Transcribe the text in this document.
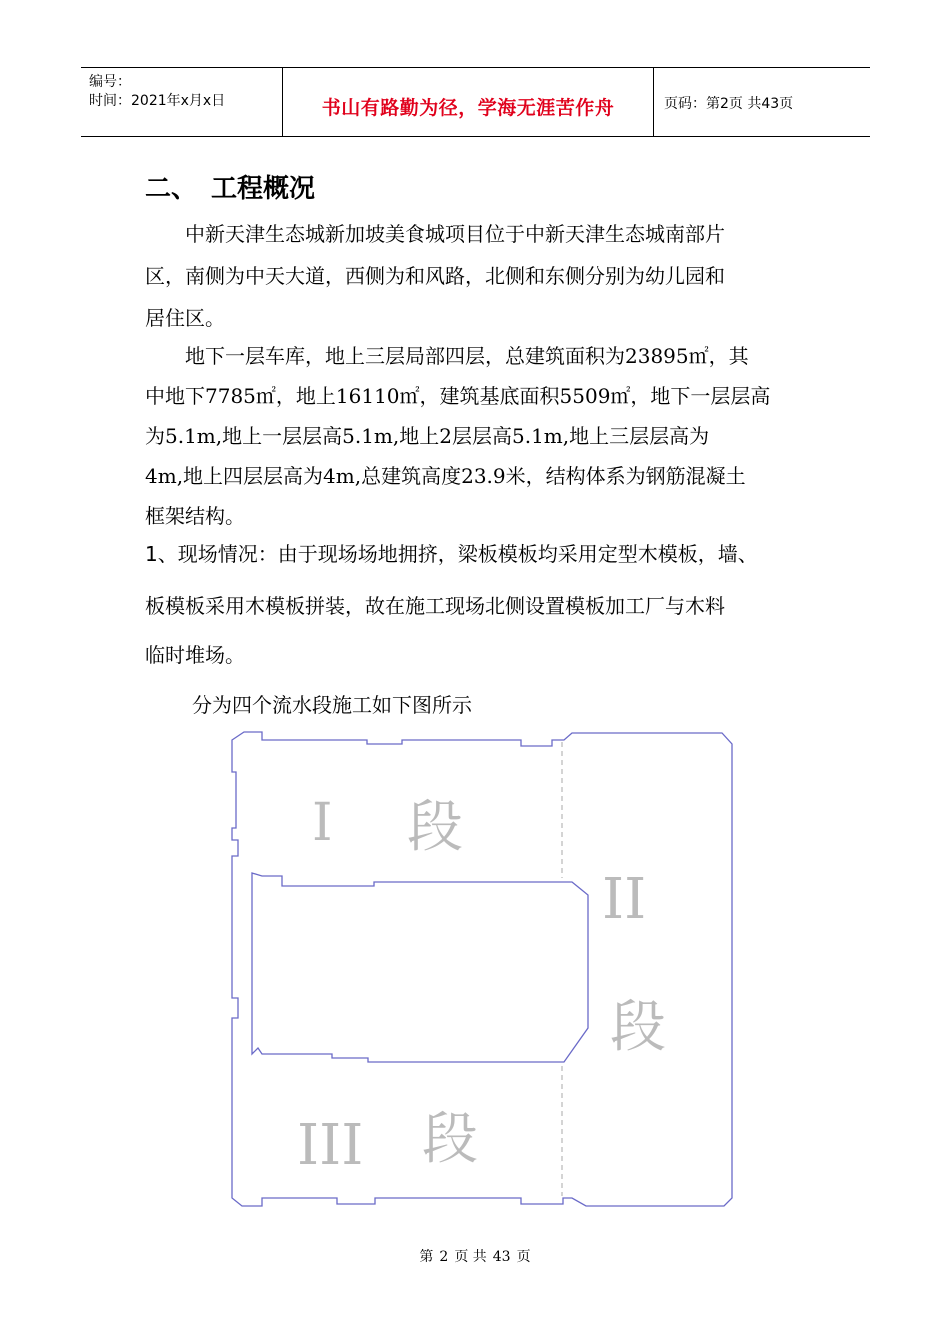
编号：
时间：2021年x月x日	书山有路勤为径，学海无涯苦作舟	页码：第2页 共43页
二、 工程概况
中新天津生态城新加坡美食城项目位于中新天津生态城南部片
区，南侧为中天大道，西侧为和风路，北侧和东侧分别为幼儿园和
居住区。
地下一层车库，地上三层局部四层，总建筑面积为23895㎡，其
中地下7785㎡，地上16110㎡，建筑基底面积5509㎡，地下一层层高
为5.1m,地上一层层高5.1m,地上2层层高5.1m,地上三层层高为
4m,地上四层层高为4m,总建筑高度23.9米，结构体系为钢筋混凝土
框架结构。
1、现场情况：由于现场场地拥挤，梁板模板均采用定型木模板，墙、
板模板采用木模板拼装，故在施工现场北侧设置模板加工厂与木料
临时堆场。
分为四个流水段施工如下图所示
I 段
II
段
III 段
第 2 页 共 43 页
